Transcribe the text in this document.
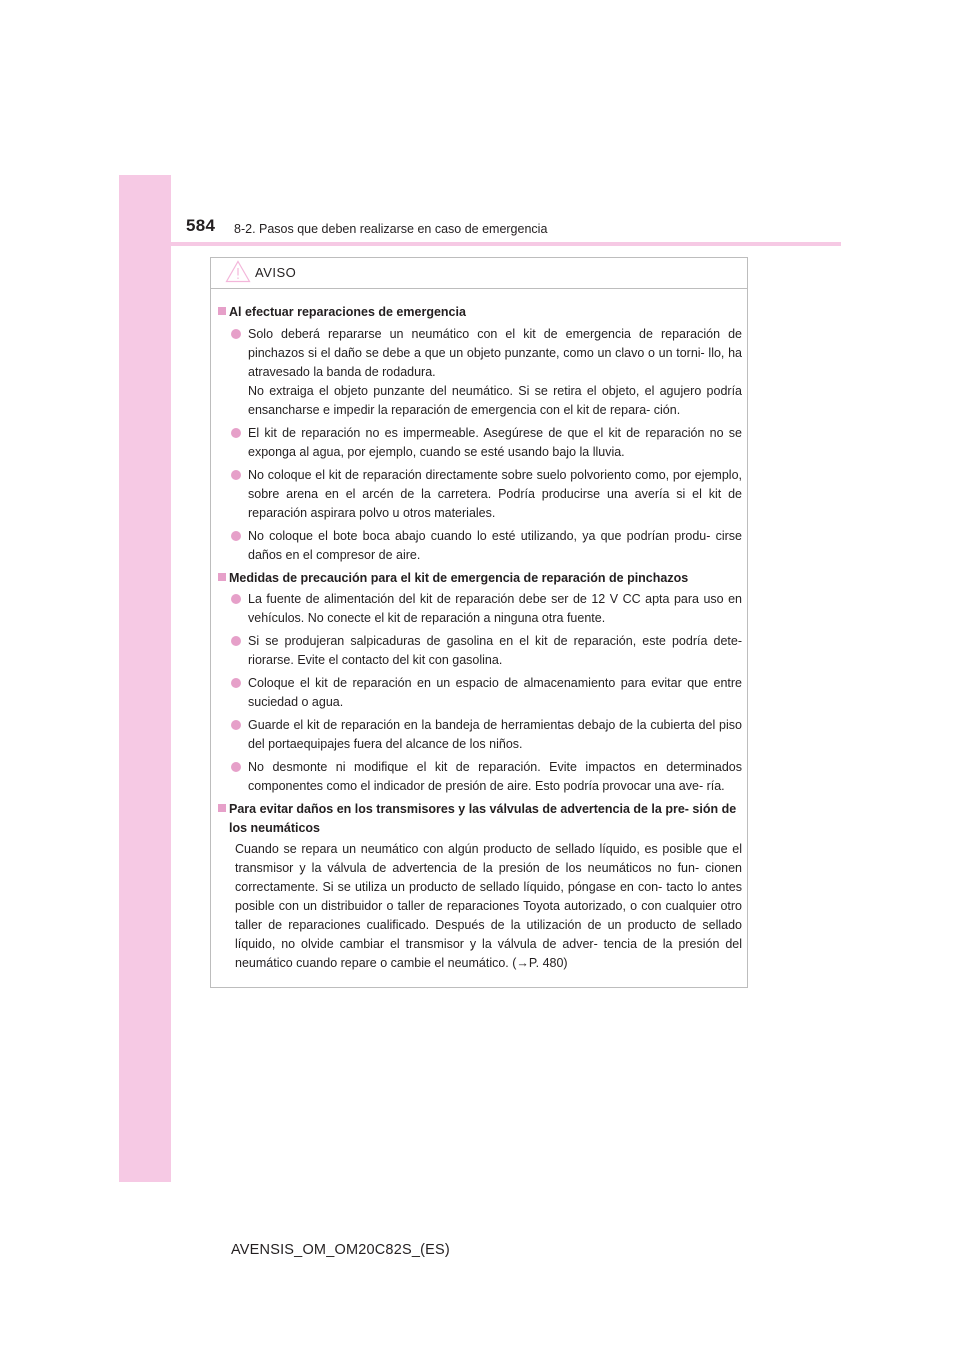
584 8-2. Pasos que deben realizarse en caso de emergencia
AVISO
Al efectuar reparaciones de emergencia

Solo deberá repararse un neumático con el kit de emergencia de reparación de pinchazos si el daño se debe a que un objeto punzante, como un clavo o un torni- llo, ha atravesado la banda de rodadura.

No extraiga el objeto punzante del neumático. Si se retira el objeto, el agujero podría ensancharse e impedir la reparación de emergencia con el kit de repara- ción.

El kit de reparación no es impermeable. Asegúrese de que el kit de reparación no se exponga al agua, por ejemplo, cuando se esté usando bajo la lluvia.

No coloque el kit de reparación directamente sobre suelo polvoriento como, por ejemplo, sobre arena en el arcén de la carretera. Podría producirse una avería si el kit de reparación aspirara polvo u otros materiales.

No coloque el bote boca abajo cuando lo esté utilizando, ya que podrían produ- cirse daños en el compresor de aire.

Medidas de precaución para el kit de emergencia de reparación de pinchazos

La fuente de alimentación del kit de reparación debe ser de 12 V CC apta para uso en vehículos. No conecte el kit de reparación a ninguna otra fuente.

Si se produjeran salpicaduras de gasolina en el kit de reparación, este podría dete- riorarse. Evite el contacto del kit con gasolina.

Coloque el kit de reparación en un espacio de almacenamiento para evitar que entre suciedad o agua.

Guarde el kit de reparación en la bandeja de herramientas debajo de la cubierta del piso del portaequipajes fuera del alcance de los niños.

No desmonte ni modifique el kit de reparación. Evite impactos en determinados componentes como el indicador de presión de aire. Esto podría provocar una ave- ría.

Para evitar daños en los transmisores y las válvulas de advertencia de la pre- sión de los neumáticos
Cuando se repara un neumático con algún producto de sellado líquido, es posible que el transmisor y la válvula de advertencia de la presión de los neumáticos no fun- cionen correctamente. Si se utiliza un producto de sellado líquido, póngase en con- tacto lo antes posible con un distribuidor o taller de reparaciones Toyota autorizado, o con cualquier otro taller de reparaciones cualificado. Después de la utilización de un producto de sellado líquido, no olvide cambiar el transmisor y la válvula de adver- tencia de la presión del neumático cuando repare o cambie el neumático. (→P. 480)
AVENSIS_OM_OM20C82S_(ES)
